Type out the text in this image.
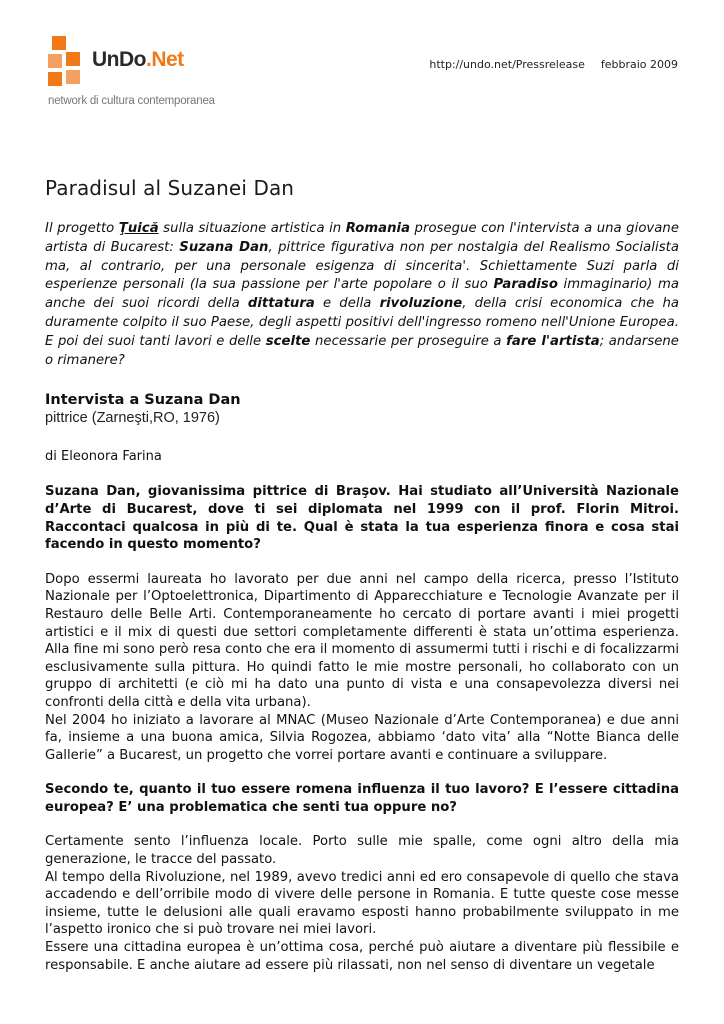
UnDo.Net
network di cultura contemporanea
http://undo.net/Pressrelease febbraio 2009
Paradisul al Suzanei Dan
Il progetto Ţuică sulla situazione artistica in Romania prosegue con l'intervista a una giovane artista di Bucarest: Suzana Dan, pittrice figurativa non per nostalgia del Realismo Socialista ma, al contrario, per una personale esigenza di sincerita'. Schiettamente Suzi parla di esperienze personali (la sua passione per l'arte popolare o il suo Paradiso immaginario) ma anche dei suoi ricordi della dittatura e della rivoluzione, della crisi economica che ha duramente colpito il suo Paese, degli aspetti positivi dell'ingresso romeno nell'Unione Europea. E poi dei suoi tanti lavori e delle scelte necessarie per proseguire a fare l'artista; andarsene o rimanere?
Intervista a Suzana Dan
pittrice (Zarneşti,RO, 1976)
di Eleonora Farina
Suzana Dan, giovanissima pittrice di Braşov. Hai studiato all’Università Nazionale d’Arte di Bucarest, dove ti sei diplomata nel 1999 con il prof. Florin Mitroi. Raccontaci qualcosa in più di te. Qual è stata la tua esperienza finora e cosa stai facendo in questo momento?

Dopo essermi laureata ho lavorato per due anni nel campo della ricerca, presso l’Istituto Nazionale per l’Optoelettronica, Dipartimento di Apparecchiature e Tecnologie Avanzate per il Restauro delle Belle Arti. Contemporaneamente ho cercato di portare avanti i miei progetti artistici e il mix di questi due settori completamente differenti è stata un’ottima esperienza. Alla fine mi sono però resa conto che era il momento di assumermi tutti i rischi e di focalizzarmi esclusivamente sulla pittura. Ho quindi fatto le mie mostre personali, ho collaborato con un gruppo di architetti (e ciò mi ha dato una punto di vista e una consapevolezza diversi nei confronti della città e della vita urbana).

Nel 2004 ho iniziato a lavorare al MNAC (Museo Nazionale d’Arte Contemporanea) e due anni fa, insieme a una buona amica, Silvia Rogozea, abbiamo ‘dato vita’ alla “Notte Bianca delle Gallerie” a Bucarest, un progetto che vorrei portare avanti e continuare a sviluppare.

Secondo te, quanto il tuo essere romena influenza il tuo lavoro? E l’essere cittadina europea? E’ una problematica che senti tua oppure no?

Certamente sento l’influenza locale. Porto sulle mie spalle, come ogni altro della mia generazione, le tracce del passato.

Al tempo della Rivoluzione, nel 1989, avevo tredici anni ed ero consapevole di quello che stava accadendo e dell’orribile modo di vivere delle persone in Romania. E tutte queste cose messe insieme, tutte le delusioni alle quali eravamo esposti hanno probabilmente sviluppato in me l’aspetto ironico che si può trovare nei miei lavori.

Essere una cittadina europea è un’ottima cosa, perché può aiutare a diventare più flessibile e responsabile. E anche aiutare ad essere più rilassati, non nel senso di diventare un vegetale
